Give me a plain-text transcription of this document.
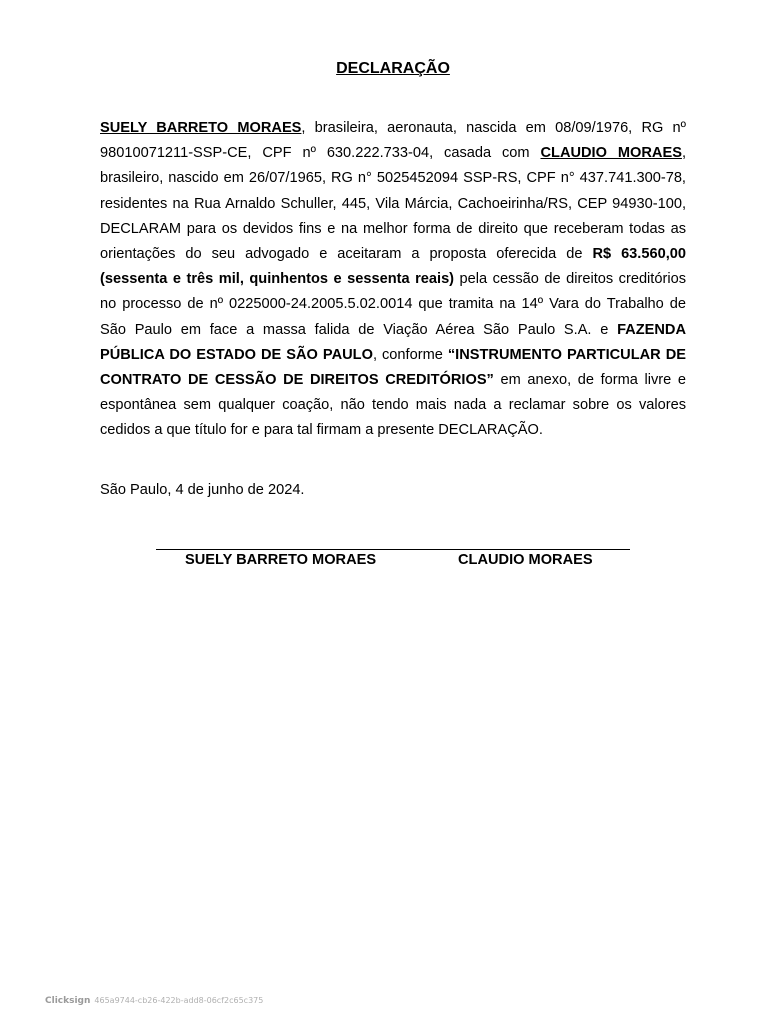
DECLARAÇÃO

SUELY BARRETO MORAES, brasileira, aeronauta, nascida em 08/09/1976, RG nº 98010071211-SSP-CE, CPF nº 630.222.733-04, casada com CLAUDIO MORAES, brasileiro, nascido em 26/07/1965, RG n° 5025452094 SSP-RS, CPF n° 437.741.300-78, residentes na Rua Arnaldo Schuller, 445, Vila Márcia, Cachoeirinha/RS, CEP 94930-100, DECLARAM para os devidos fins e na melhor forma de direito que receberam todas as orientações do seu advogado e aceitaram a proposta oferecida de R$ 63.560,00 (sessenta e três mil, quinhentos e sessenta reais) pela cessão de direitos creditórios no processo de nº 0225000-24.2005.5.02.0014 que tramita na 14º Vara do Trabalho de São Paulo em face a massa falida de Viação Aérea São Paulo S.A. e FAZENDA PÚBLICA DO ESTADO DE SÃO PAULO, conforme “INSTRUMENTO PARTICULAR DE CONTRATO DE CESSÃO DE DIREITOS CREDITÓRIOS” em anexo, de forma livre e espontânea sem qualquer coação, não tendo mais nada a reclamar sobre os valores cedidos a que título for e para tal firmam a presente DECLARAÇÃO.

São Paulo, 4 de junho de 2024.

SUELY BARRETO MORAES	CLAUDIO MORAES
Clicksign 465a9744-cb26-422b-add8-06cf2c65c375
